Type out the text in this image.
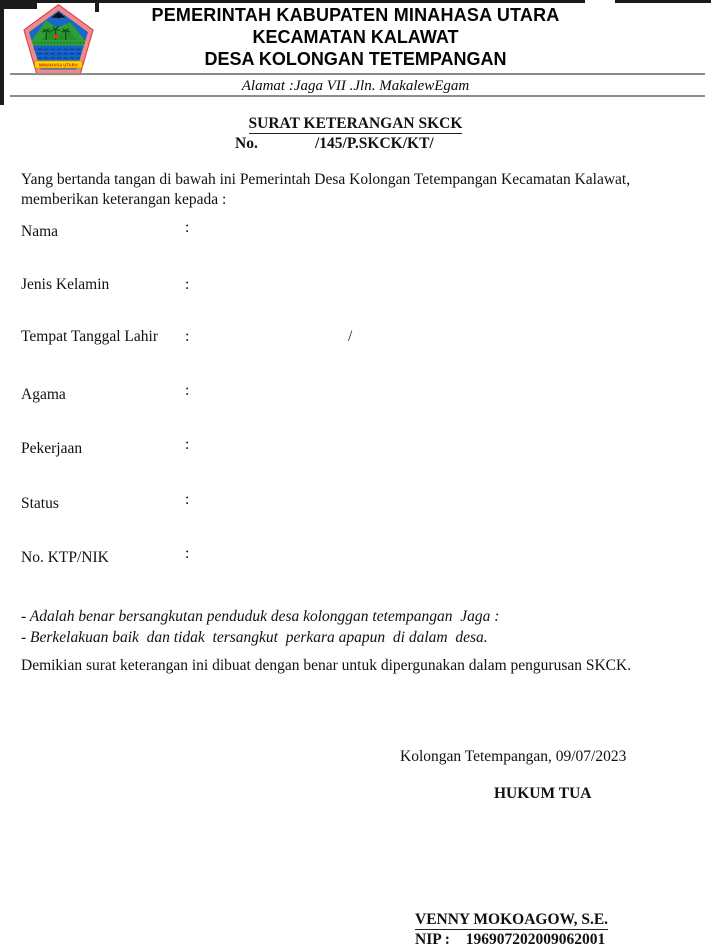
MINAHASA UTARA
PEMERINTAH KABUPATEN MINAHASA UTARA
KECAMATAN KALAWAT
DESA KOLONGAN TETEMPANGAN
Alamat :Jaga VII .Jln. MakalewEgam
SURAT KETERANGAN SKCK
No.	/145/P.SKCK/KT/
Yang bertanda tangan di bawah ini Pemerintah Desa Kolongan Tetempangan Kecamatan Kalawat,
memberikan keterangan kepada :
Nama	:
Jenis Kelamin	:
Tempat Tanggal Lahir :	/
Agama	:
Pekerjaan	:
Status	:
No. KTP/NIK	:
- Adalah benar bersangkutan penduduk desa kolonggan tetempangan  Jaga :
- Berkelakuan baik  dan tidak  tersangkut  perkara apapun  di dalam  desa.
Demikian surat keterangan ini dibuat dengan benar untuk dipergunakan dalam pengurusan SKCK.
Kolongan Tetempangan, 09/07/2023
HUKUM TUA
VENNY MOKOAGOW, S.E.
NIP : 196907202009062001
